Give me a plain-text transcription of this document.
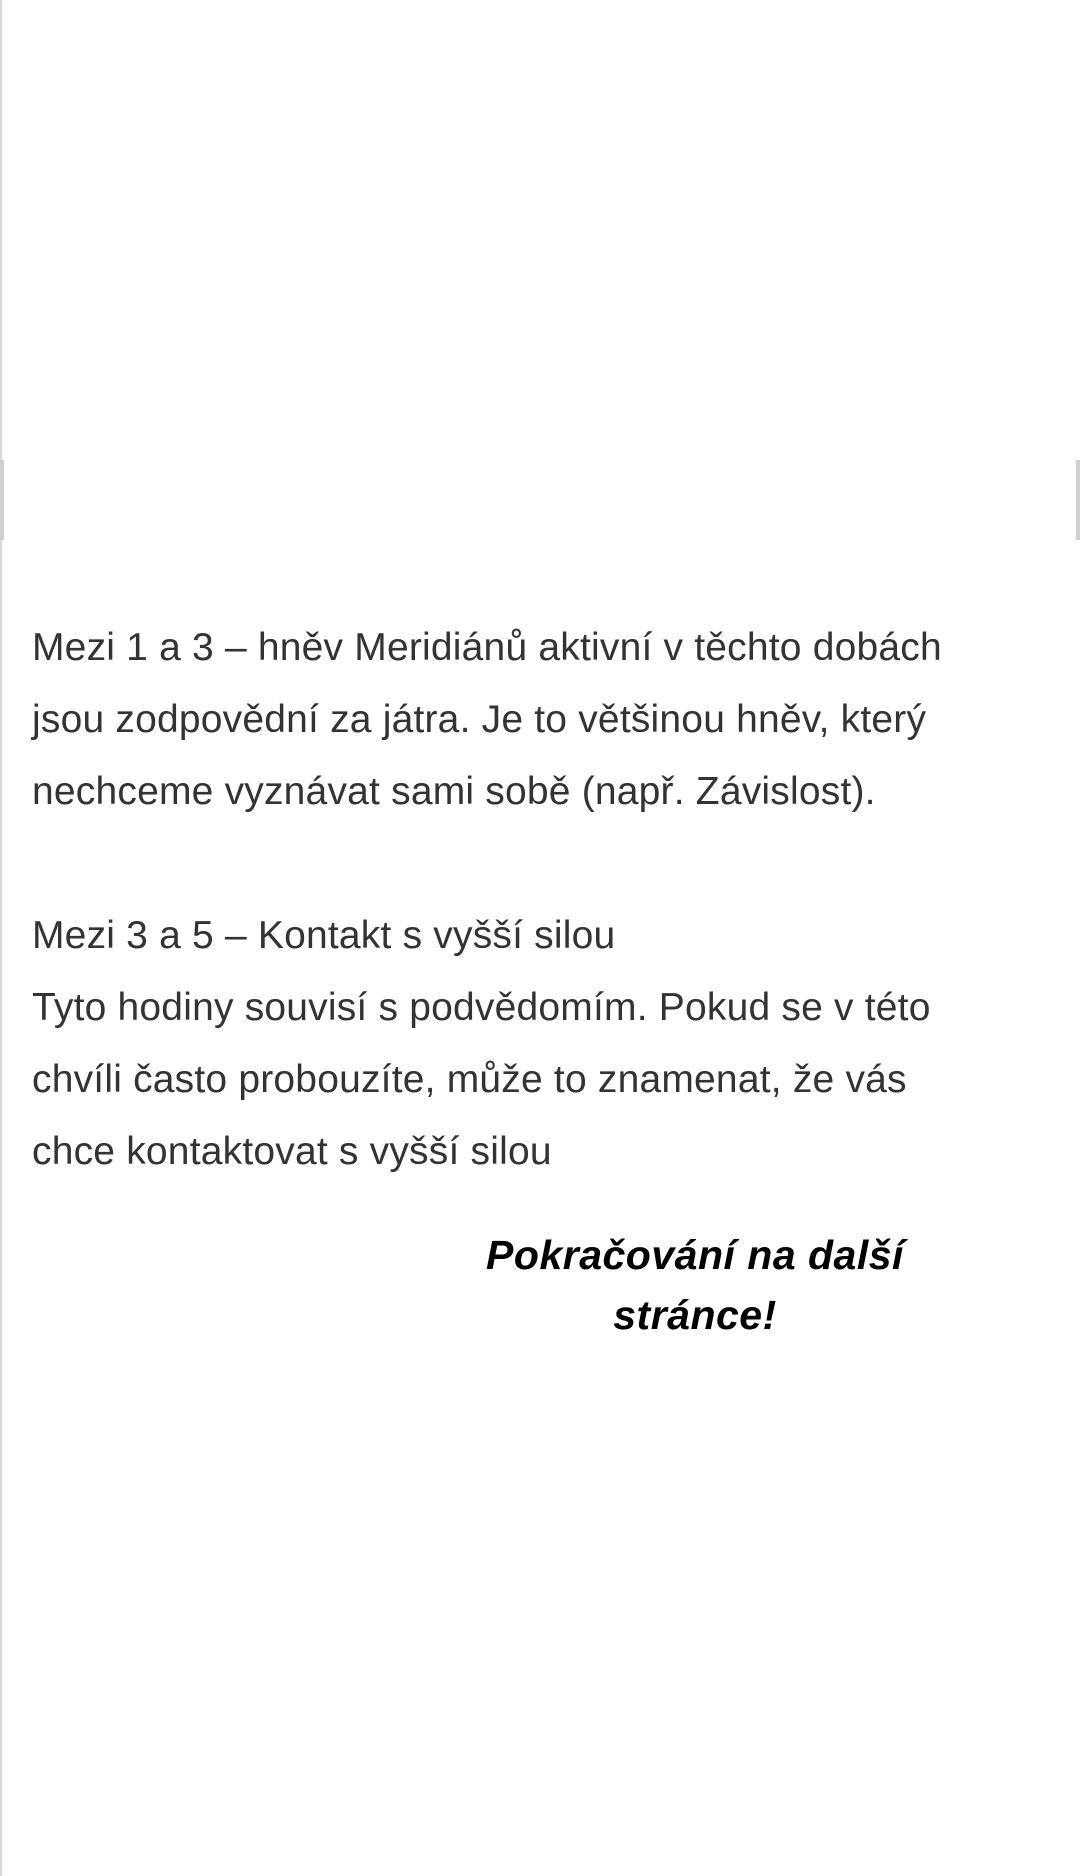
Mezi 1 a 3 – hněv Meridiánů aktivní v těchto dobách
jsou zodpovědní za játra. Je to většinou hněv, který
nechceme vyznávat sami sobě (např. Závislost).

Mezi 3 a 5 – Kontakt s vyšší silou
Tyto hodiny souvisí s podvědomím. Pokud se v této
chvíli často probouzíte, může to znamenat, že vás
chce kontaktovat s vyšší silou

Pokračování na další
stránce!
